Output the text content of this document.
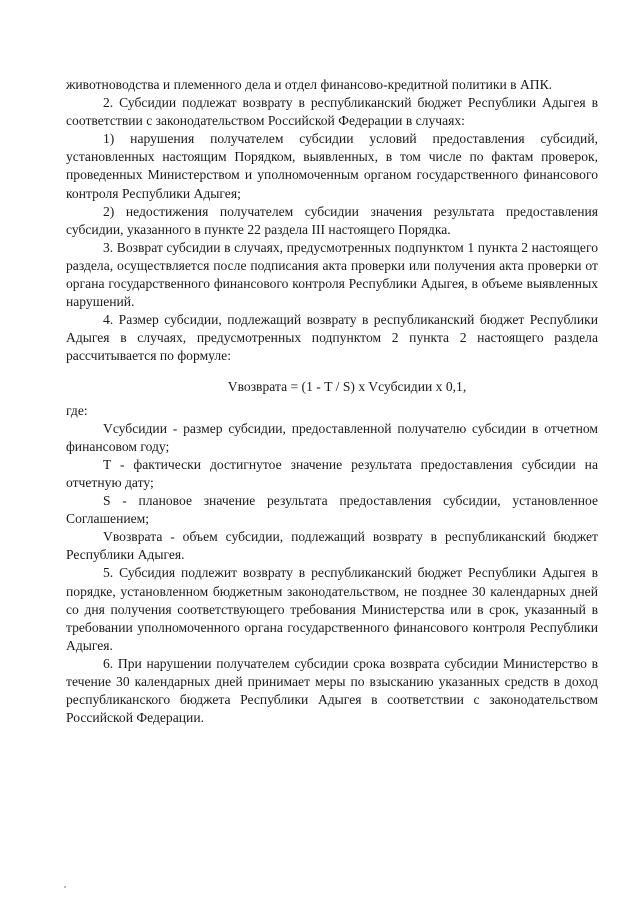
животноводства и племенного дела и отдел финансово-кредитной политики в АПК.

2. Субсидии подлежат возврату в республиканский бюджет Республики Адыгея в соответствии с законодательством Российской Федерации в случаях:

1) нарушения получателем субсидии условий предоставления субсидий, установленных настоящим Порядком, выявленных, в том числе по фактам проверок, проведенных Министерством и уполномоченным органом государственного финансового контроля Республики Адыгея;

2) недостижения получателем субсидии значения результата предоставления субсидии, указанного в пункте 22 раздела III настоящего Порядка.

3. Возврат субсидии в случаях, предусмотренных подпунктом 1 пункта 2 настоящего раздела, осуществляется после подписания акта проверки или получения акта проверки от органа государственного финансового контроля Республики Адыгея, в объеме выявленных нарушений.

4. Размер субсидии, подлежащий возврату в республиканский бюджет Республики Адыгея в случаях, предусмотренных подпунктом 2 пункта 2 настоящего раздела рассчитывается по формуле:

Vвозврата = (1 - T / S) x Vсубсидии x 0,1,

где:

Vсубсидии - размер субсидии, предоставленной получателю субсидии в отчетном финансовом году;

T - фактически достигнутое значение результата предоставления субсидии на отчетную дату;

S - плановое значение результата предоставления субсидии, установленное Соглашением;

Vвозврата - объем субсидии, подлежащий возврату в республиканский бюджет Республики Адыгея.

5. Субсидия подлежит возврату в республиканский бюджет Республики Адыгея в порядке, установленном бюджетным законодательством, не позднее 30 календарных дней со дня получения соответствующего требования Министерства или в срок, указанный в требовании уполномоченного органа государственного финансового контроля Республики Адыгея.

6. При нарушении получателем субсидии срока возврата субсидии Министерство в течение 30 календарных дней принимает меры по взысканию указанных средств в доход республиканского бюджета Республики Адыгея в соответствии с законодательством Российской Федерации.
